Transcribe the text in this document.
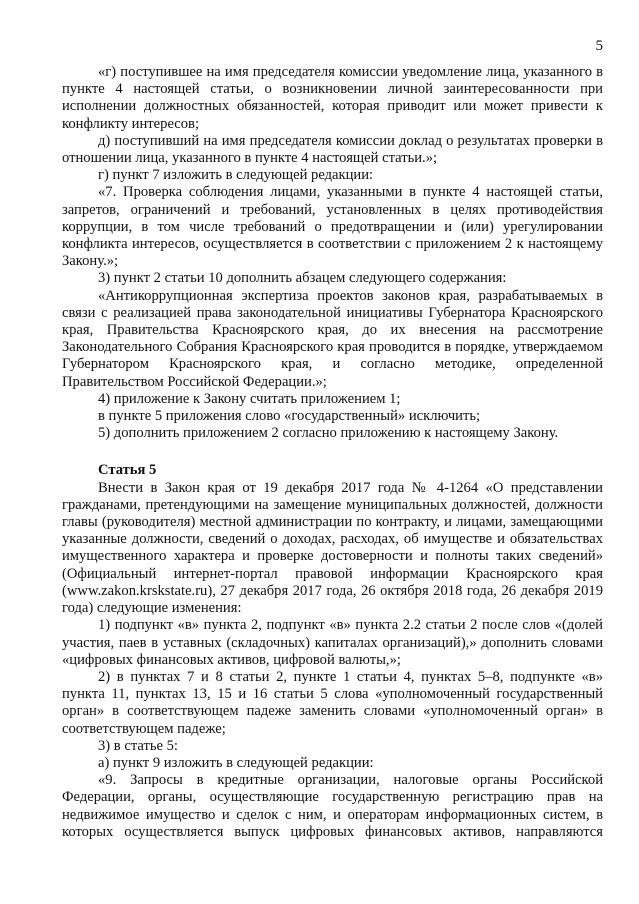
5

«г) поступившее на имя председателя комиссии уведомление лица, указанного в пункте 4 настоящей статьи, о возникновении личной заинтересованности при исполнении должностных обязанностей, которая приводит или может привести к конфликту интересов;

д) поступивший на имя председателя комиссии доклад о результатах проверки в отношении лица, указанного в пункте 4 настоящей статьи.»;

г) пункт 7 изложить в следующей редакции:

«7. Проверка соблюдения лицами, указанными в пункте 4 настоящей статьи, запретов, ограничений и требований, установленных в целях противодействия коррупции, в том числе требований о предотвращении и (или) урегулировании конфликта интересов, осуществляется в соответствии с приложением 2 к настоящему Закону.»;

3) пункт 2 статьи 10 дополнить абзацем следующего содержания:

«Антикоррупционная экспертиза проектов законов края, разрабатываемых в связи с реализацией права законодательной инициативы Губернатора Красноярского края, Правительства Красноярского края, до их внесения на рассмотрение Законодательного Собрания Красноярского края проводится в порядке, утверждаемом Губернатором Красноярского края, и согласно методике, определенной Правительством Российской Федерации.»;

4) приложение к Закону считать приложением 1;

в пункте 5 приложения слово «государственный» исключить;

5) дополнить приложением 2 согласно приложению к настоящему Закону.

Статья 5

Внести в Закон края от 19 декабря 2017 года № 4-1264 «О представлении гражданами, претендующими на замещение муниципальных должностей, должности главы (руководителя) местной администрации по контракту, и лицами, замещающими указанные должности, сведений о доходах, расходах, об имуществе и обязательствах имущественного характера и проверке достоверности и полноты таких сведений» (Официальный интернет-портал правовой информации Красноярского края (www.zakon.krskstate.ru), 27 декабря 2017 года, 26 октября 2018 года, 26 декабря 2019 года) следующие изменения:

1) подпункт «в» пункта 2, подпункт «в» пункта 2.2 статьи 2 после слов «(долей участия, паев в уставных (складочных) капиталах организаций),» дополнить словами «цифровых финансовых активов, цифровой валюты,»;

2) в пунктах 7 и 8 статьи 2, пункте 1 статьи 4, пунктах 5–8, подпункте «в» пункта 11, пунктах 13, 15 и 16 статьи 5 слова «уполномоченный государственный орган» в соответствующем падеже заменить словами «уполномоченный орган» в соответствующем падеже;

3) в статье 5:

а) пункт 9 изложить в следующей редакции:

«9. Запросы в кредитные организации, налоговые органы Российской Федерации, органы, осуществляющие государственную регистрацию прав на недвижимое имущество и сделок с ним, и операторам информационных систем, в которых осуществляется выпуск цифровых финансовых активов, направляются
